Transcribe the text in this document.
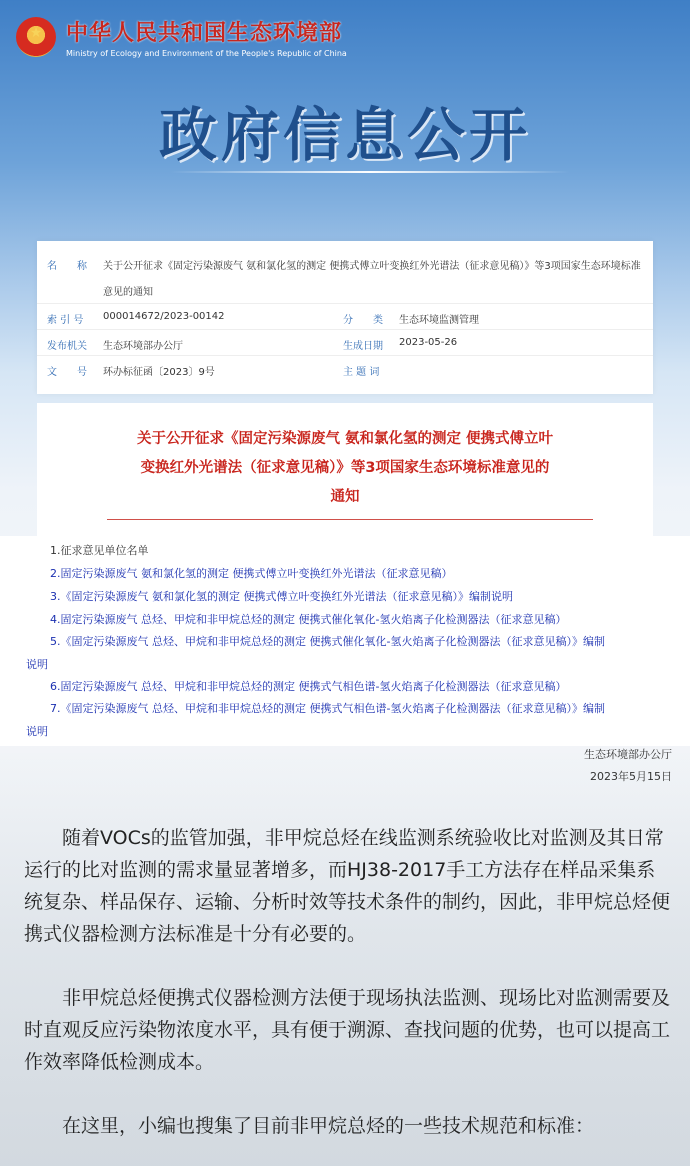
★	中华人民共和国生态环境部
Ministry of Ecology and Environment of the People's Republic of China
政府信息公开
名　　称 关于公开征求《固定污染源废气 氨和氯化氢的测定 便携式傅立叶变换红外光谱法（征求意见稿）》等3项国家生态环境标准
意见的通知
索 引 号 000014672/2023-00142	分　　类 生态环境监测管理
发布机关 生态环境部办公厅	生成日期 2023-05-26
文　　号 环办标征函〔2023〕9号	主 题 词
关于公开征求《固定污染源废气 氨和氯化氢的测定 便携式傅立叶
变换红外光谱法（征求意见稿）》等3项国家生态环境标准意见的
通知
1.征求意见单位名单
2.固定污染源废气 氨和氯化氢的测定 便携式傅立叶变换红外光谱法（征求意见稿）
3.《固定污染源废气 氨和氯化氢的测定 便携式傅立叶变换红外光谱法（征求意见稿）》编制说明
4.固定污染源废气 总烃、甲烷和非甲烷总烃的测定 便携式催化氧化-氢火焰离子化检测器法（征求意见稿）
5.《固定污染源废气 总烃、甲烷和非甲烷总烃的测定 便携式催化氧化-氢火焰离子化检测器法（征求意见稿）》编制
说明
6.固定污染源废气 总烃、甲烷和非甲烷总烃的测定 便携式气相色谱-氢火焰离子化检测器法（征求意见稿）
7.《固定污染源废气 总烃、甲烷和非甲烷总烃的测定 便携式气相色谱-氢火焰离子化检测器法（征求意见稿）》编制
说明
生态环境部办公厅
2023年5月15日
随着VOCs的监管加强，非甲烷总烃在线监测系统验收比对监测及其日常运行的比对监测的需求量显著增多，而HJ38-2017手工方法存在样品采集系统复杂、样品保存、运输、分析时效等技术条件的制约，因此，非甲烷总烃便携式仪器检测方法标准是十分有必要的。
非甲烷总烃便携式仪器检测方法便于现场执法监测、现场比对监测需要及时直观反应污染物浓度水平，具有便于溯源、查找问题的优势，也可以提高工作效率降低检测成本。
在这里，小编也搜集了目前非甲烷总烃的一些技术规范和标准：
